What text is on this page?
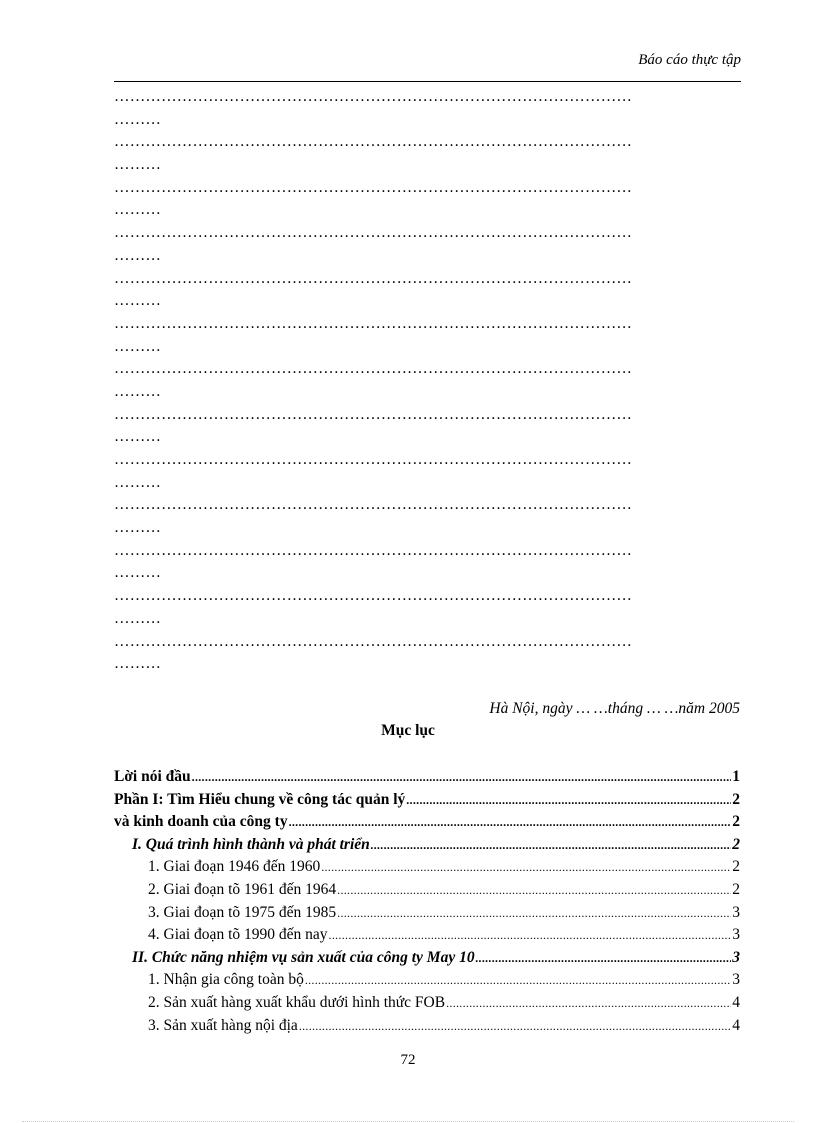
Báo cáo thực tập
………………………………………………………………………………………
………
………………………………………………………………………………………
………
………………………………………………………………………………………
………
………………………………………………………………………………………
………
………………………………………………………………………………………
………
………………………………………………………………………………………
………
………………………………………………………………………………………
………
………………………………………………………………………………………
………
………………………………………………………………………………………
………
………………………………………………………………………………………
………
………………………………………………………………………………………
………
………………………………………………………………………………………
………
………………………………………………………………………………………
………
Hà Nội, ngày … …tháng … …năm 2005
Mục lục
Lời nói đầu .....	1
Phần I: Tìm Hiểu chung về công tác quản lý .....	2
và kinh doanh của công ty .....	2
I. Quá trình hình thành và phát triển .....	2
1. Giai đoạn 1946 đến 1960 .....	2
2. Giai đoạn tõ 1961 đến 1964 .....	2
3. Giai đoạn tõ 1975 đến 1985 .....	3
4. Giai đoạn tõ 1990 đến nay .....	3
II. Chức năng nhiệm vụ sản xuất của công ty May 10 .....	3
1. Nhận gia công toàn bộ .....	3
2. Sản xuất hàng xuất khẩu dưới hình thức FOB .....	4
3. Sản xuất hàng nội địa .....	4
72
